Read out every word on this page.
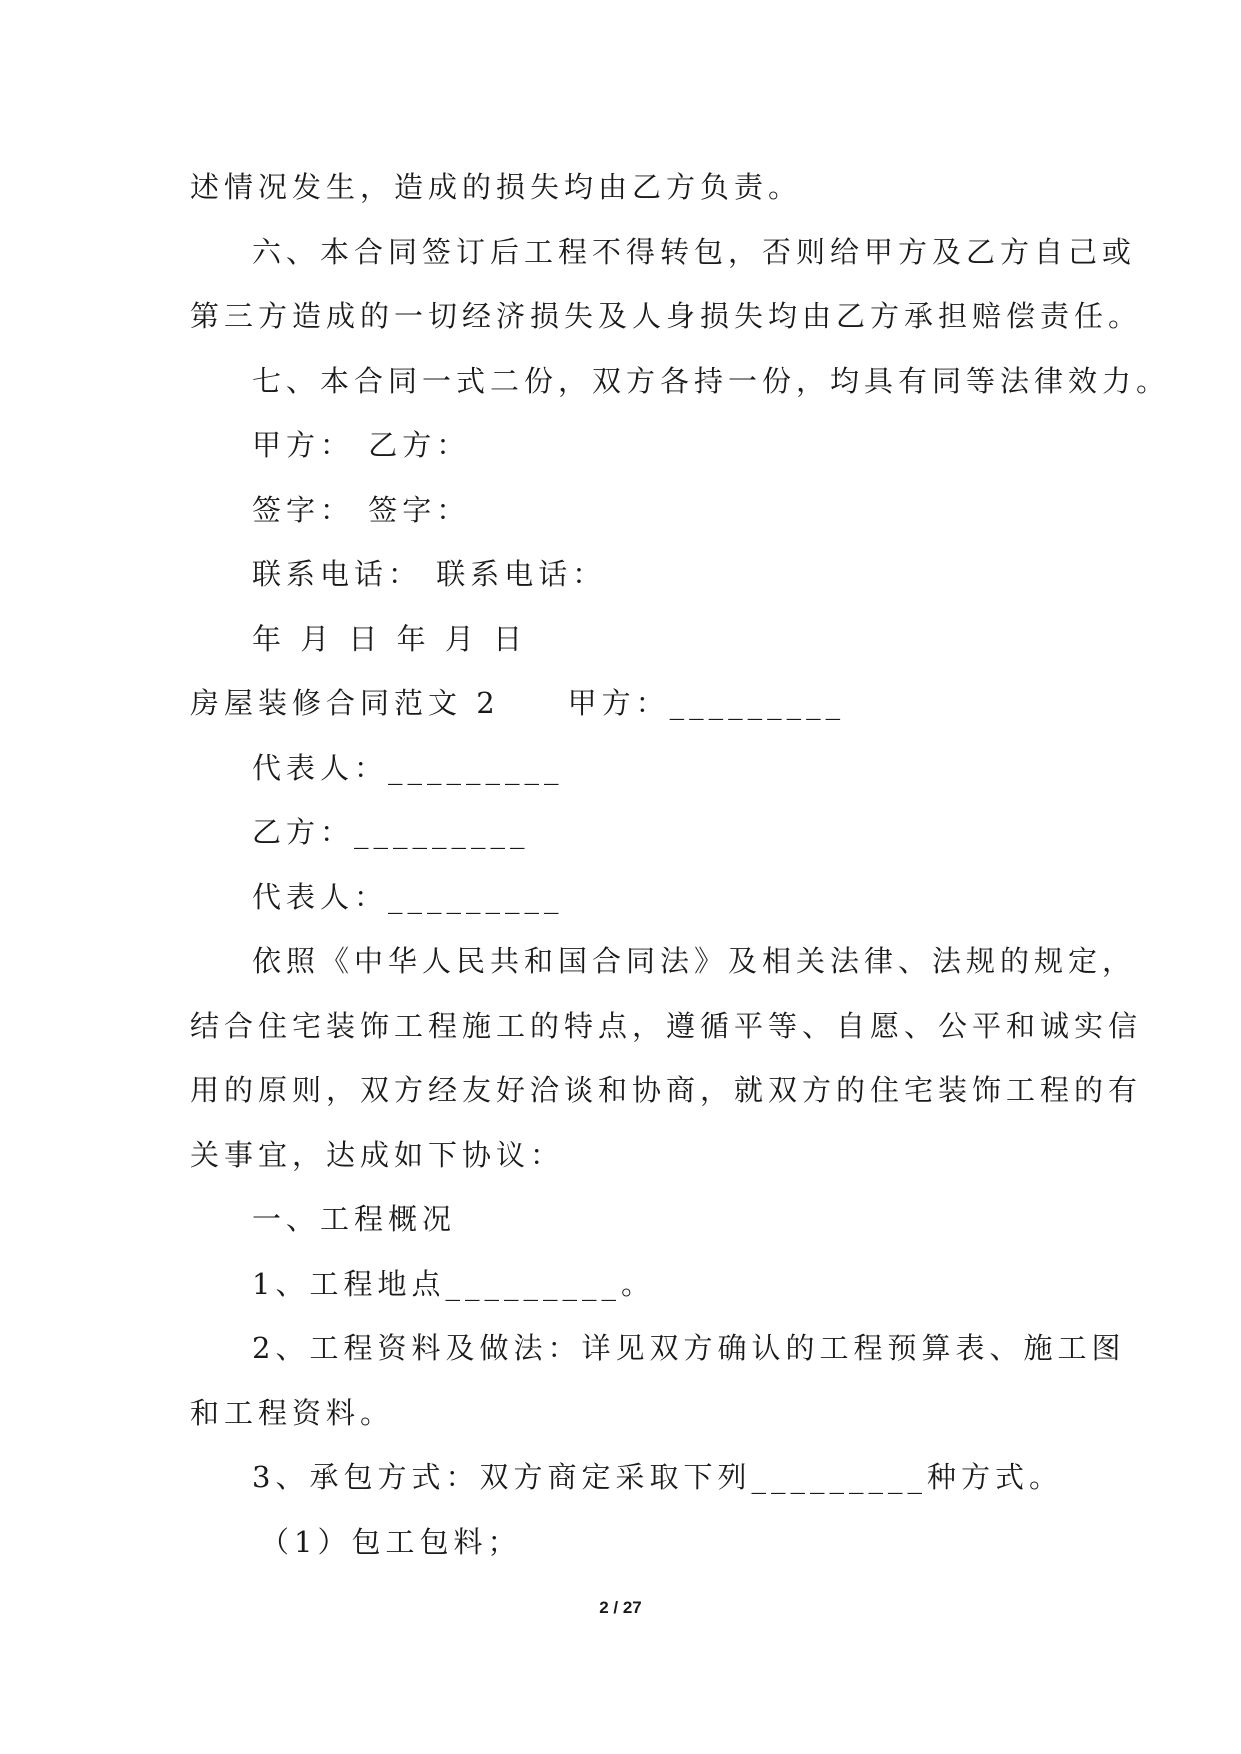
述情况发生，造成的损失均由乙方负责。
六、本合同签订后工程不得转包，否则给甲方及乙方自己或
第三方造成的一切经济损失及人身损失均由乙方承担赔偿责任。
七、本合同一式二份，双方各持一份，均具有同等法律效力。
甲方： 乙方：
签字： 签字：
联系电话： 联系电话：
年 月 日 年 月 日
房屋装修合同范文 2 甲方：_________
代表人：_________
乙方：_________
代表人：_________
依照《中华人民共和国合同法》及相关法律、法规的规定，
结合住宅装饰工程施工的特点，遵循平等、自愿、公平和诚实信
用的原则，双方经友好洽谈和协商，就双方的住宅装饰工程的有
关事宜，达成如下协议：
一、工程概况
1、工程地点_________。
2、工程资料及做法：详见双方确认的工程预算表、施工图
和工程资料。
3、承包方式：双方商定采取下列_________种方式。
（1）包工包料；
2 / 27
